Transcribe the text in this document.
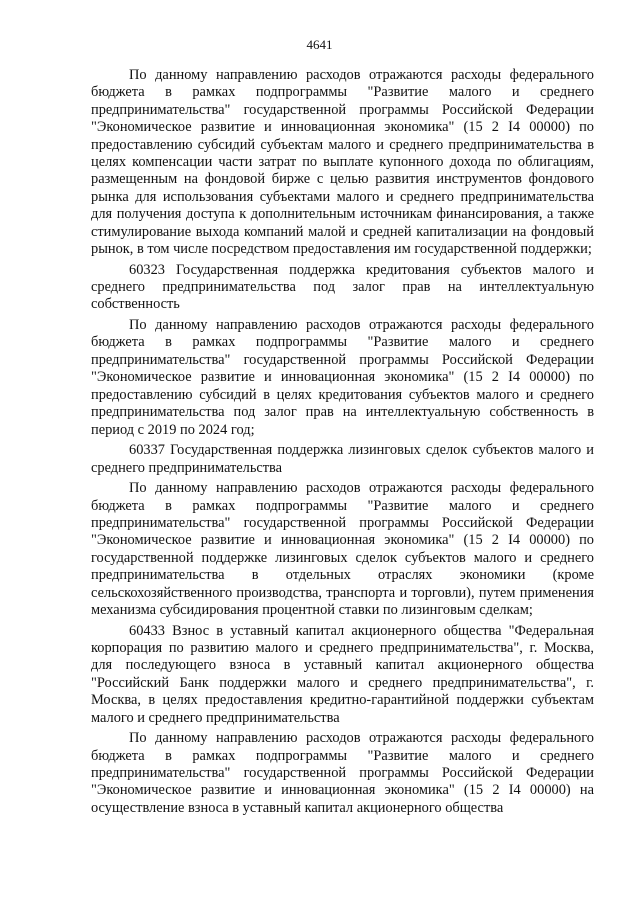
4641

По данному направлению расходов отражаются расходы федерального бюджета в рамках подпрограммы "Развитие малого и среднего предпринимательства" государственной программы Российской Федерации "Экономическое развитие и инновационная экономика" (15 2 I4 00000) по предоставлению субсидий субъектам малого и среднего предпринимательства в целях компенсации части затрат по выплате купонного дохода по облигациям, размещенным на фондовой бирже с целью развития инструментов фондового рынка для использования субъектами малого и среднего предпринимательства для получения доступа к дополнительным источникам финансирования, а также стимулирование выхода компаний малой и средней капитализации на фондовый рынок, в том числе посредством предоставления им государственной поддержки;

60323 Государственная поддержка кредитования субъектов малого и среднего предпринимательства под залог прав на интеллектуальную собственность

По данному направлению расходов отражаются расходы федерального бюджета в рамках подпрограммы "Развитие малого и среднего предпринимательства" государственной программы Российской Федерации "Экономическое развитие и инновационная экономика" (15 2 I4 00000) по предоставлению субсидий в целях кредитования субъектов малого и среднего предпринимательства под залог прав на интеллектуальную собственность в период с 2019 по 2024 год;

60337 Государственная поддержка лизинговых сделок субъектов малого и среднего предпринимательства

По данному направлению расходов отражаются расходы федерального бюджета в рамках подпрограммы "Развитие малого и среднего предпринимательства" государственной программы Российской Федерации "Экономическое развитие и инновационная экономика" (15 2 I4 00000) по государственной поддержке лизинговых сделок субъектов малого и среднего предпринимательства в отдельных отраслях экономики (кроме сельскохозяйственного производства, транспорта и торговли), путем применения механизма субсидирования процентной ставки по лизинговым сделкам;

60433 Взнос в уставный капитал акционерного общества "Федеральная корпорация по развитию малого и среднего предпринимательства", г. Москва, для последующего взноса в уставный капитал акционерного общества "Российский Банк поддержки малого и среднего предпринимательства", г. Москва, в целях предоставления кредитно-гарантийной поддержки субъектам малого и среднего предпринимательства

По данному направлению расходов отражаются расходы федерального бюджета в рамках подпрограммы "Развитие малого и среднего предпринимательства" государственной программы Российской Федерации "Экономическое развитие и инновационная экономика" (15 2 I4 00000) на осуществление взноса в уставный капитал акционерного общества
